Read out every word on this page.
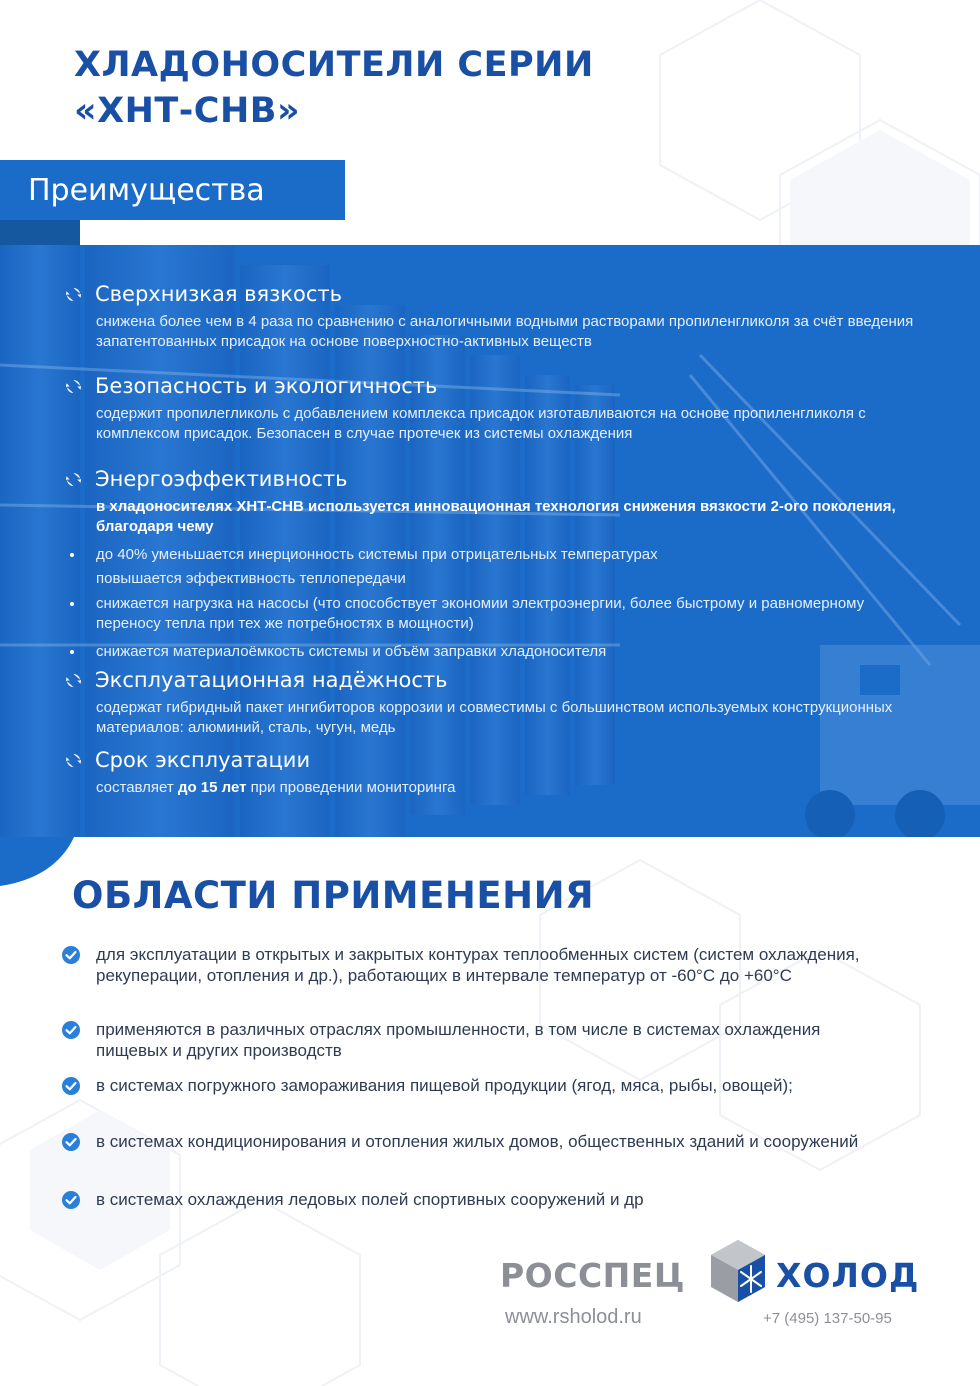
ХЛАДОНОСИТЕЛИ СЕРИИ
«ХНТ-СНВ»
Преимущества
Сверхнизкая вязкость
снижена более чем в 4 раза по сравнению с аналогичными водными растворами пропиленгликоля за счёт введения запатентованных присадок на основе поверхностно-активных веществ
Безопасность и экологичность
содержит пропилегликоль с добавлением комплекса присадок изготавливаются на основе пропиленгликоля с комплексом присадок. Безопасен в случае протечек из системы охлаждения
Энергоэффективность
в хладоносителях ХНТ-СНВ используется инновационная технология снижения вязкости 2-ого поколения, благодаря чему
до 40% уменьшается инерционность системы при отрицательных температурах
повышается эффективность теплопередачи
снижается нагрузка на насосы (что способствует экономии электроэнергии, более быстрому и равномерному переносу тепла при тех же потребностях в мощности)
снижается материалоёмкость системы и объём заправки хладоносителя
Эксплуатационная надёжность
содержат гибридный пакет ингибиторов коррозии и совместимы с большинством используемых конструкционных материалов: алюминий, сталь, чугун, медь
Срок эксплуатации
составляет до 15 лет при проведении мониторинга
ОБЛАСТИ ПРИМЕНЕНИЯ
для эксплуатации в открытых и закрытых контурах теплообменных систем (систем охлаждения, рекуперации, отопления и др.), работающих в интервале температур от -60°С до +60°С
применяются в различных отраслях промышленности, в том числе в системах охлаждения пищевых и других производств
в системах погружного замораживания пищевой продукции (ягод, мяса, рыбы, овощей);
в системах кондиционирования и отопления жилых домов, общественных зданий и сооружений
в системах охлаждения ледовых полей спортивных сооружений и др
РОССПЕЦ	ХОЛОД
www.rsholod.ru	+7 (495) 137-50-95
